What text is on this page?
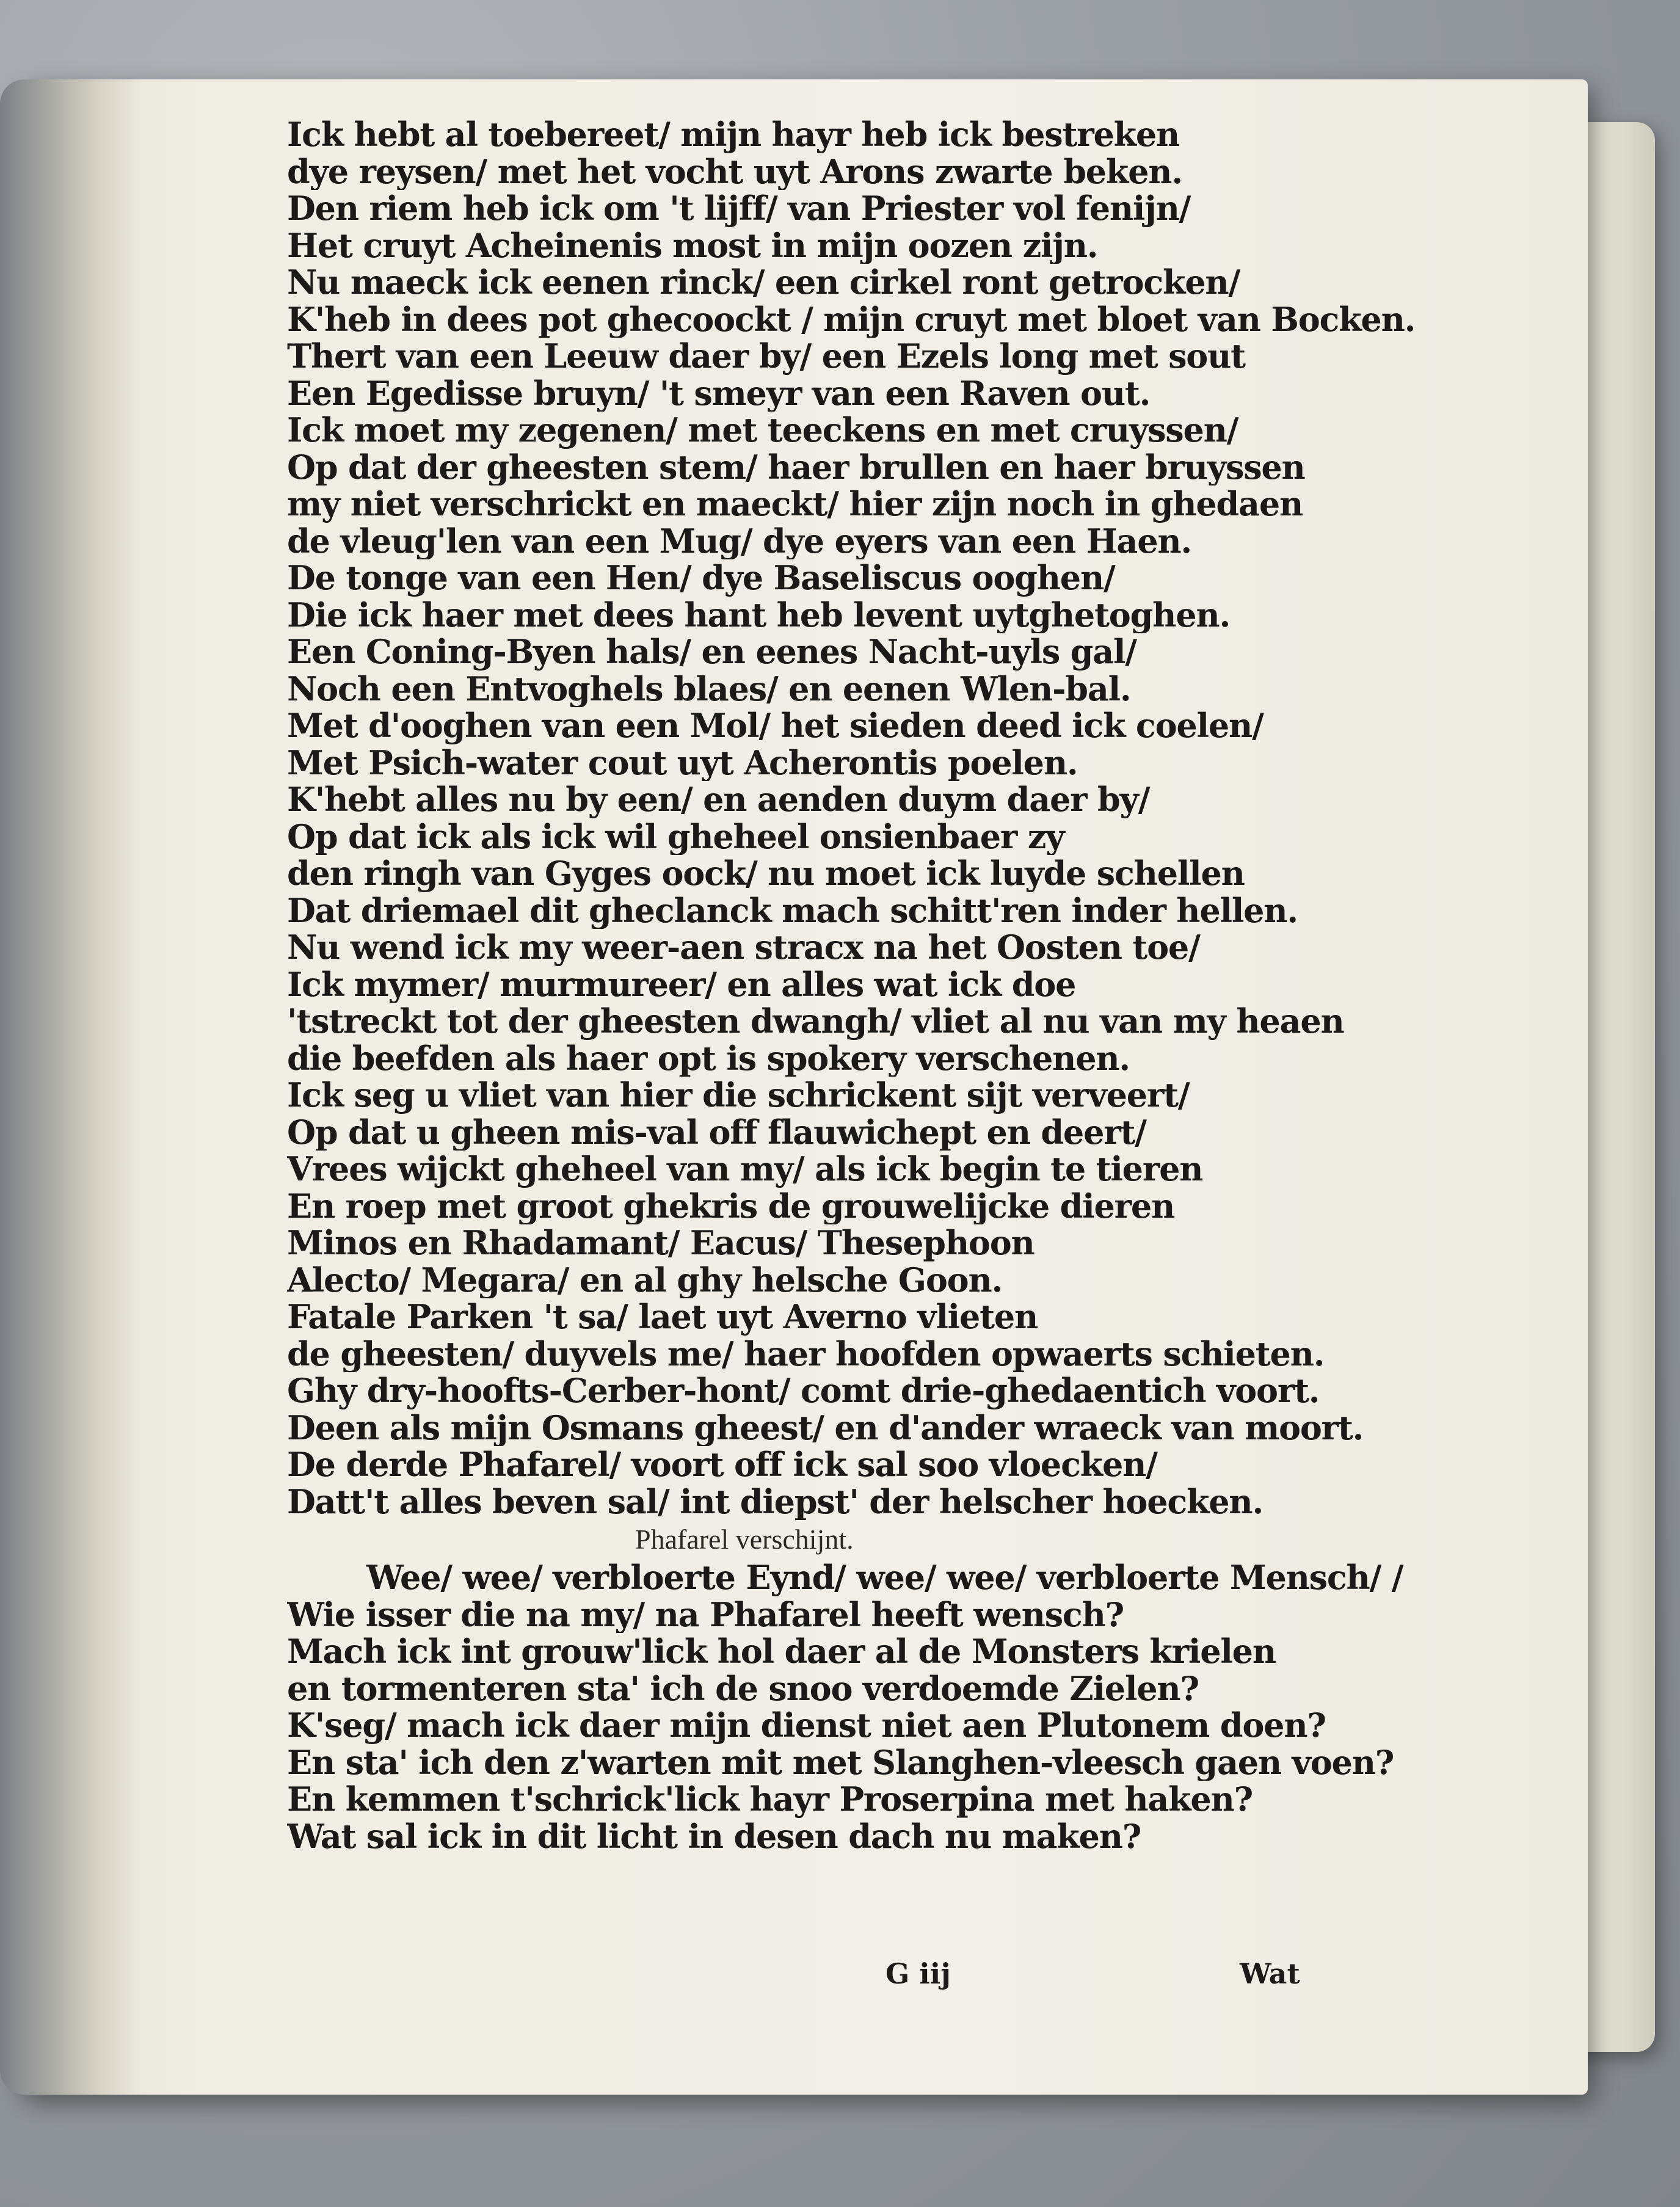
Ick hebt al toebereet/ mijn hayr heb ick bestreken
dye reysen/ met het vocht uyt Arons zwarte beken.
Den riem heb ick om 't lijff/ van Priester vol fenijn/
Het cruyt Acheinenis most in mijn oozen zijn.
Nu maeck ick eenen rinck/ een cirkel ront getrocken/
K'heb in dees pot ghecoockt / mijn cruyt met bloet van Bocken.
Thert van een Leeuw daer by/ een Ezels long met sout
Een Egedisse bruyn/ 't smeyr van een Raven out.
Ick moet my zegenen/ met teeckens en met cruyssen/
Op dat der gheesten stem/ haer brullen en haer bruyssen
my niet verschrickt en maeckt/ hier zijn noch in ghedaen
de vleug'len van een Mug/ dye eyers van een Haen.
De tonge van een Hen/ dye Baseliscus ooghen/
Die ick haer met dees hant heb levent uytghetoghen.
Een Coning-Byen hals/ en eenes Nacht-uyls gal/
Noch een Entvoghels blaes/ en eenen Wlen-bal.
Met d'ooghen van een Mol/ het sieden deed ick coelen/
Met Psich-water cout uyt Acherontis poelen.
K'hebt alles nu by een/ en aenden duym daer by/
Op dat ick als ick wil gheheel onsienbaer zy
den ringh van Gyges oock/ nu moet ick luyde schellen
Dat driemael dit gheclanck mach schitt'ren inder hellen.
Nu wend ick my weer-aen stracx na het Oosten toe/
Ick mymer/ murmureer/ en alles wat ick doe
'tstreckt tot der gheesten dwangh/ vliet al nu van my heaen
die beefden als haer opt is spokery verschenen.
Ick seg u vliet van hier die schrickent sijt verveert/
Op dat u gheen mis-val off flauwichept en deert/
Vrees wijckt gheheel van my/ als ick begin te tieren
En roep met groot ghekris de grouwelijcke dieren
Minos en Rhadamant/ Eacus/ Thesephoon
Alecto/ Megara/ en al ghy helsche Goon.
Fatale Parken 't sa/ laet uyt Averno vlieten
de gheesten/ duyvels me/ haer hoofden opwaerts schieten.
Ghy dry-hoofts-Cerber-hont/ comt drie-ghedaentich voort.
Deen als mijn Osmans gheest/ en d'ander wraeck van moort.
De derde Phafarel/ voort off ick sal soo vloecken/
Datt't alles beven sal/ int diepst' der helscher hoecken.
Phafarel verschijnt.
Wee/ wee/ verbloerte Eynd/ wee/ wee/ verbloerte Mensch/ /
Wie isser die na my/ na Phafarel heeft wensch?
Mach ick int grouw'lick hol daer al de Monsters krielen
en tormenteren sta' ich de snoo verdoemde Zielen?
K'seg/ mach ick daer mijn dienst niet aen Plutonem doen?
En sta' ich den z'warten mit met Slanghen-vleesch gaen voen?
En kemmen t'schrick'lick hayr Proserpina met haken?
Wat sal ick in dit licht in desen dach nu maken?
G iij	Wat
